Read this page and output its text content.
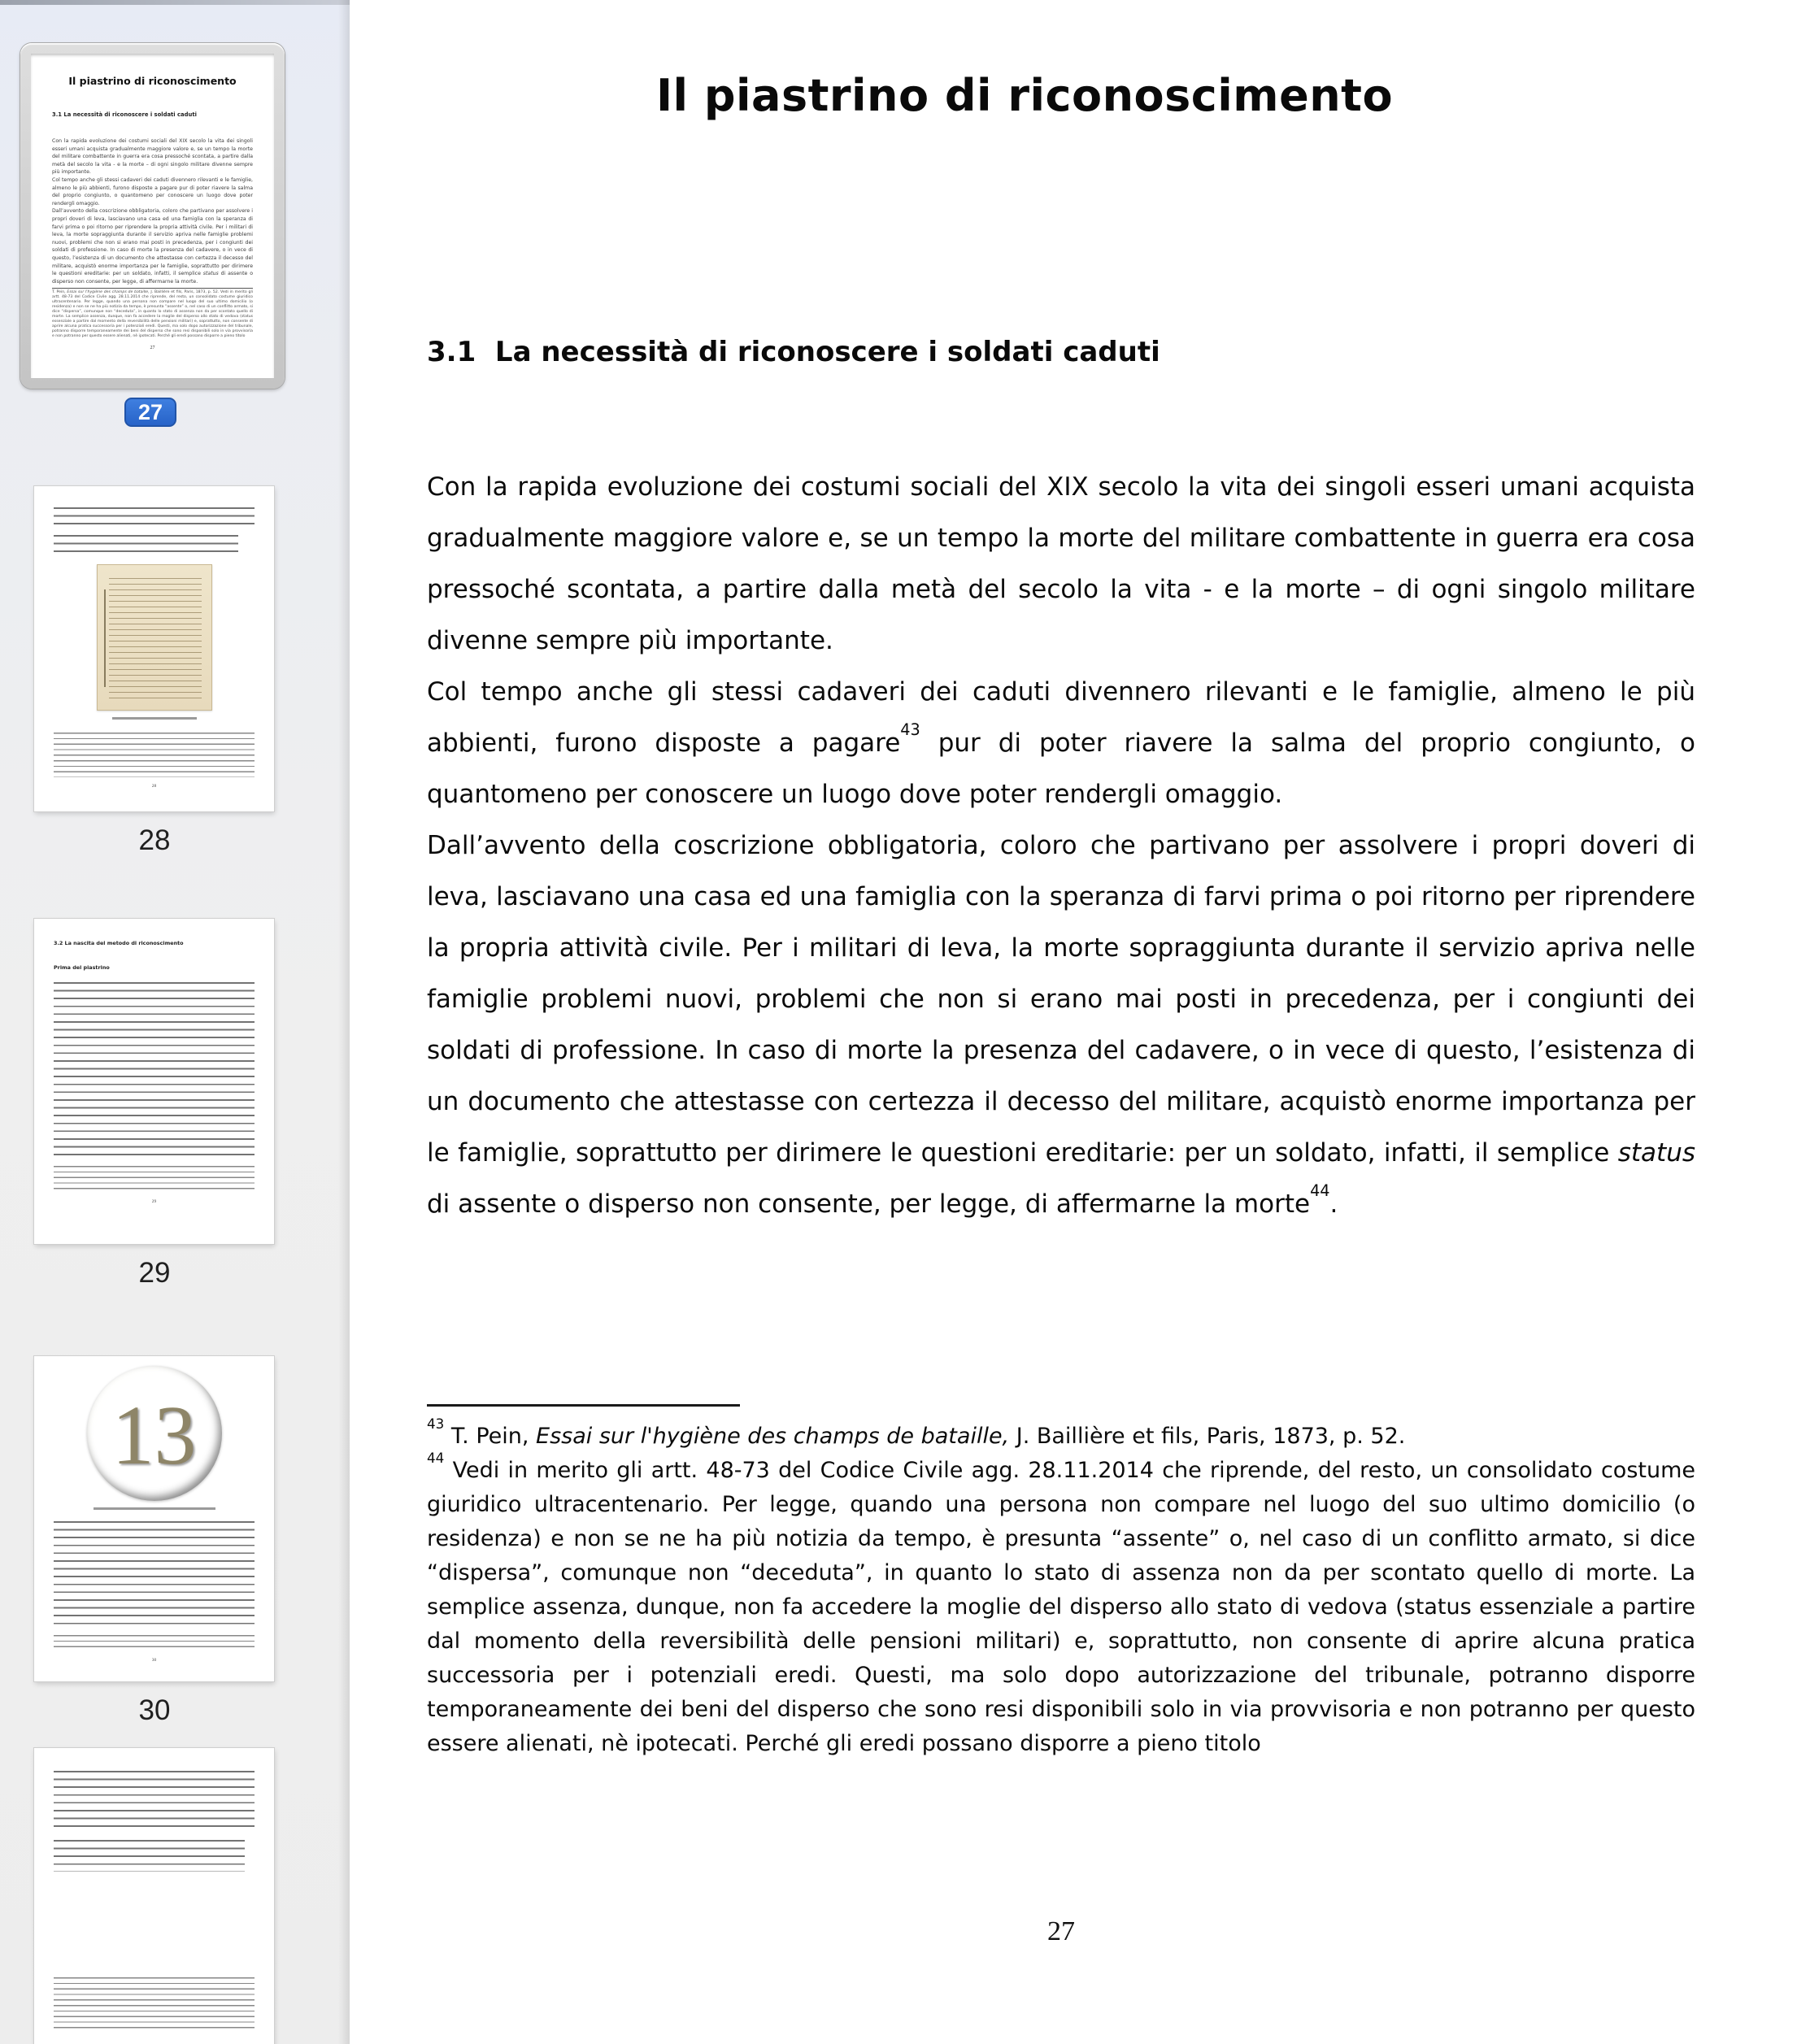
Il piastrino di riconoscimento
3.1 La necessità di riconoscere i soldati caduti

Con la rapida evoluzione dei costumi sociali del XIX secolo la vita dei singoli esseri umani acquista gradualmente maggiore valore e, se un tempo la morte del militare combattente in guerra era cosa pressoché scontata, a partire dalla metà del secolo la vita - e la morte – di ogni singolo militare divenne sempre più importante.

Col tempo anche gli stessi cadaveri dei caduti divennero rilevanti e le famiglie, almeno le più abbienti, furono disposte a pagare pur di poter riavere la salma del proprio congiunto, o quantomeno per conoscere un luogo dove poter rendergli omaggio.

Dall’avvento della coscrizione obbligatoria, coloro che partivano per assolvere i propri doveri di leva, lasciavano una casa ed una famiglia con la speranza di farvi prima o poi ritorno per riprendere la propria attività civile. Per i militari di leva, la morte sopraggiunta durante il servizio apriva nelle famiglie problemi nuovi, problemi che non si erano mai posti in precedenza, per i congiunti dei soldati di professione. In caso di morte la presenza del cadavere, o in vece di questo, l’esistenza di un documento che attestasse con certezza il decesso del militare, acquistò enorme importanza per le famiglie, soprattutto per dirimere le questioni ereditarie: per un soldato, infatti, il semplice status di assente o disperso non consente, per legge, di affermarne la morte.

T. Pein, Essai sur l'hygiène des champs de bataille, J. Baillière et fils, Paris, 1873, p. 52. Vedi in merito gli artt. 48-73 del Codice Civile agg. 28.11.2014 che riprende, del resto, un consolidato costume giuridico ultracentenario. Per legge, quando una persona non compare nel luogo del suo ultimo domicilio (o residenza) e non se ne ha più notizia da tempo, è presunta “assente” o, nel caso di un conflitto armato, si dice “dispersa”, comunque non “deceduta”, in quanto lo stato di assenza non da per scontato quello di morte. La semplice assenza, dunque, non fa accedere la moglie del disperso allo stato di vedova (status essenziale a partire dal momento della reversibilità delle pensioni militari) e, soprattutto, non consente di aprire alcuna pratica successoria per i potenziali eredi. Questi, ma solo dopo autorizzazione del tribunale, potranno disporre temporaneamente dei beni del disperso che sono resi disponibili solo in via provvisoria e non potranno per questo essere alienati, nè ipotecati. Perché gli eredi possano disporre a pieno titolo
27
27
28
28
3.2 La nascita del metodo di riconoscimento
Prima del piastrino
29
29
13
30
30
Il piastrino di riconoscimento
3.1  La necessità di riconoscere i soldati caduti

Con la rapida evoluzione dei costumi sociali del XIX secolo la vita dei singoli esseri umani acquista gradualmente maggiore valore e, se un tempo la morte del militare combattente in guerra era cosa pressoché scontata, a partire dalla metà del secolo la vita - e la morte – di ogni singolo militare divenne sempre più importante.

Col tempo anche gli stessi cadaveri dei caduti divennero rilevanti e le famiglie, almeno le più abbienti, furono disposte a pagare$^{43}$ pur di poter riavere la salma del proprio congiunto, o quantomeno per conoscere un luogo dove poter rendergli omaggio.

Dall’avvento della coscrizione obbligatoria, coloro che partivano per assolvere i propri doveri di leva, lasciavano una casa ed una famiglia con la speranza di farvi prima o poi ritorno per riprendere la propria attività civile. Per i militari di leva, la morte sopraggiunta durante il servizio apriva nelle famiglie problemi nuovi, problemi che non si erano mai posti in precedenza, per i congiunti dei soldati di professione. In caso di morte la presenza del cadavere, o in vece di questo, l’esistenza di un documento che attestasse con certezza il decesso del militare, acquistò enorme importanza per le famiglie, soprattutto per dirimere le questioni ereditarie: per un soldato, infatti, il semplice status di assente o disperso non consente, per legge, di affermarne la morte$^{44}$.

$^{43}$ T. Pein, Essai sur l'hygiène des champs de bataille, J. Baillière et fils, Paris, 1873, p. 52.

$^{44}$ Vedi in merito gli artt. 48-73 del Codice Civile agg. 28.11.2014 che riprende, del resto, un consolidato costume giuridico ultracentenario. Per legge, quando una persona non compare nel luogo del suo ultimo domicilio (o residenza) e non se ne ha più notizia da tempo, è presunta “assente” o, nel caso di un conflitto armato, si dice “dispersa”, comunque non “deceduta”, in quanto lo stato di assenza non da per scontato quello di morte. La semplice assenza, dunque, non fa accedere la moglie del disperso allo stato di vedova (status essenziale a partire dal momento della reversibilità delle pensioni militari) e, soprattutto, non consente di aprire alcuna pratica successoria per i potenziali eredi. Questi, ma solo dopo autorizzazione del tribunale, potranno disporre temporaneamente dei beni del disperso che sono resi disponibili solo in via provvisoria e non potranno per questo essere alienati, nè ipotecati. Perché gli eredi possano disporre a pieno titolo

27
